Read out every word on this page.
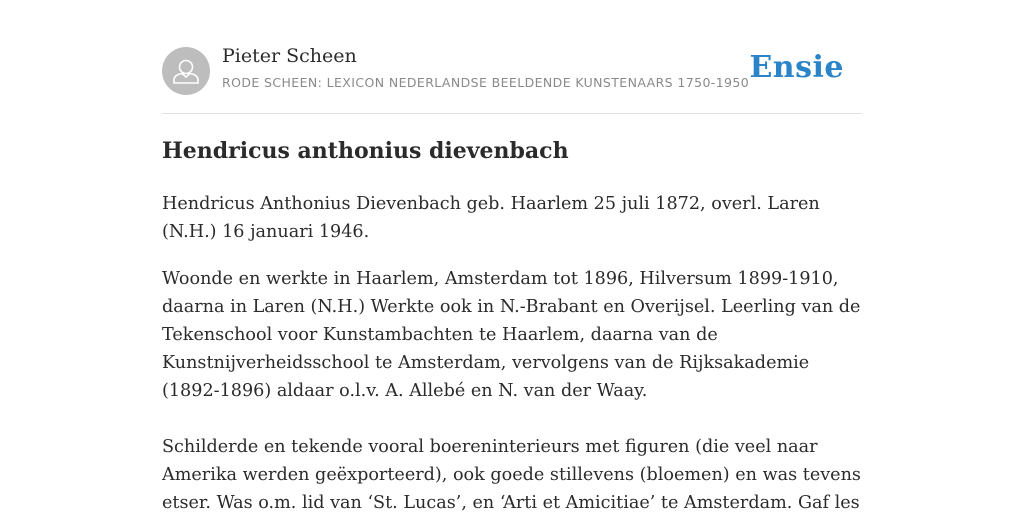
Pieter Scheen
RODE SCHEEN: LEXICON NEDERLANDSE BEELDENDE KUNSTENAARS 1750-1950 Ensie
Hendricus anthonius dievenbach

Hendricus Anthonius Dievenbach geb. Haarlem 25 juli 1872, overl. Laren (N.H.) 16 januari 1946.

Woonde en werkte in Haarlem, Amsterdam tot 1896, Hilversum 1899-1910, daarna in Laren (N.H.) Werkte ook in N.-Brabant en Overijsel. Leerling van de Tekenschool voor Kunstambachten te Haarlem, daarna van de Kunstnijverheidsschool te Amsterdam, vervolgens van de Rijksakademie (1892-1896) aldaar o.l.v. A. Allebé en N. van der Waay.

Schilderde en tekende vooral boereninterieurs met figuren (die veel naar Amerika werden geëxporteerd), ook goede stillevens (bloemen) en was tevens etser. Was o.m. lid van ‘St. Lucas’, en ‘Arti et Amicitiae’ te Amsterdam. Gaf les
